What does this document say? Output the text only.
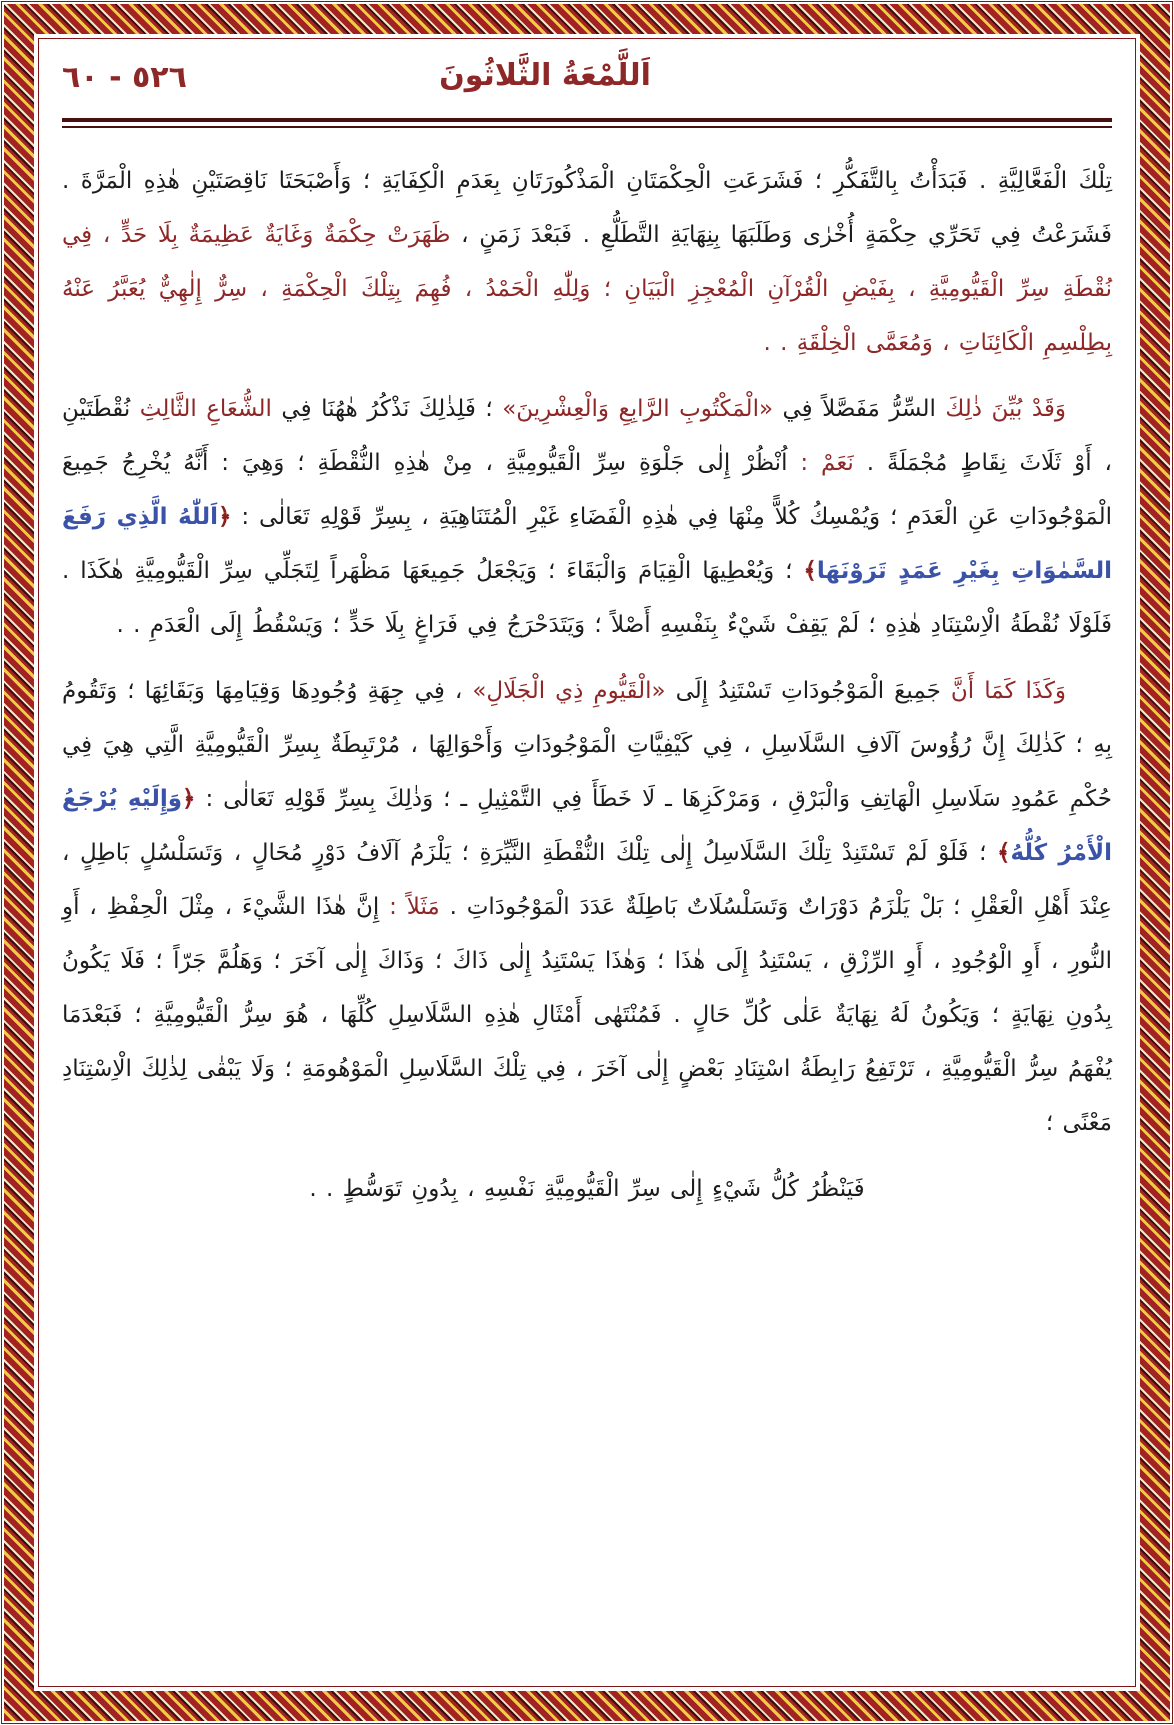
٥٢٦ - ٦٠	اَللَّمْعَةُ الثَّلاثُونَ

تِلْكَ الْفَعَّالِيَّةِ . فَبَدَأْتُ بِالتَّفَكُّرِ ؛ فَشَرَعَتِ الْحِكْمَتَانِ الْمَذْكُورَتَانِ بِعَدَمِ الْكِفَايَةِ ؛ وَأَصْبَحَتَا نَاقِصَتَيْنِ هٰذِهِ الْمَرَّةَ . فَشَرَعْتُ فِي تَحَرِّي حِكْمَةٍ أُخْرٰى وَطَلَبَهَا بِنِهَايَةِ التَّطَلُّعِ . فَبَعْدَ زَمَنٍ ، ظَهَرَتْ حِكْمَةٌ وَغَايَةٌ عَظِيمَةٌ بِلَا حَدٍّ ، فِي نُقْطَةِ سِرِّ الْقَيُّومِيَّةِ ، بِفَيْضِ الْقُرْآنِ الْمُعْجِزِ الْبَيَانِ ؛ وَلِلّٰهِ الْحَمْدُ ، فُهِمَ بِتِلْكَ الْحِكْمَةِ ، سِرٌّ إِلٰهِيٌّ يُعَبَّرُ عَنْهُ بِطِلْسِمِ الْكَائِنَاتِ ، وَمُعَمَّى الْخِلْقَةِ . .

وَقَدْ بُيِّنَ ذٰلِكَ السِّرُّ مَفَصَّلاً فِي «الْمَكْتُوبِ الرَّابِعِ وَالْعِشْرِينَ» ؛ فَلِذٰلِكَ نَذْكُرُ هٰهُنَا فِي الشُّعَاعِ الثَّالِثِ نُقْطَتَيْنِ ، أَوْ ثَلَاثَ نِقَاطٍ مُجْمَلَةً . نَعَمْ : اُنْظُرْ إِلٰى جَلْوَةِ سِرِّ الْقَيُّومِيَّةِ ، مِنْ هٰذِهِ النُّقْطَةِ ؛ وَهِيَ : أَنَّهُ يُخْرِجُ جَمِيعَ الْمَوْجُودَاتِ عَنِ الْعَدَمِ ؛ وَيُمْسِكُ كُلاًّ مِنْهَا فِي هٰذِهِ الْفَضَاءِ غَيْرِ الْمُتَنَاهِيَةِ ، بِسِرِّ قَوْلِهِ تَعَالٰى : ﴿اَللّٰهُ الَّذِي رَفَعَ السَّمٰوَاتِ بِغَيْرِ عَمَدٍ تَرَوْنَهَا﴾ ؛ وَيُعْطِيهَا الْقِيَامَ وَالْبَقَاءَ ؛ وَيَجْعَلُ جَمِيعَهَا مَظْهَراً لِتَجَلِّي سِرِّ الْقَيُّومِيَّةِ هٰكَذَا . فَلَوْلَا نُقْطَةُ الْاِسْتِنَادِ هٰذِهِ ؛ لَمْ يَقِفْ شَيْءٌ بِنَفْسِهِ أَصْلاً ؛ وَيَتَدَحْرَجُ فِي فَرَاغٍ بِلَا حَدٍّ ؛ وَيَسْقُطُ إِلَى الْعَدَمِ . .

وَكَذَا كَمَا أَنَّ جَمِيعَ الْمَوْجُودَاتِ تَسْتَنِدُ إِلَى «الْقَيُّومِ ذِي الْجَلَالِ» ، فِي جِهَةِ وُجُودِهَا وَقِيَامِهَا وَبَقَائِهَا ؛ وَتَقُومُ بِهِ ؛ كَذٰلِكَ إِنَّ رُؤُوسَ آلَافِ السَّلَاسِلِ ، فِي كَيْفِيَّاتِ الْمَوْجُودَاتِ وَأَحْوَالِهَا ، مُرْتَبِطَةٌ بِسِرِّ الْقَيُّومِيَّةِ الَّتِي هِيَ فِي حُكْمِ عَمُودِ سَلَاسِلِ الْهَاتِفِ وَالْبَرْقِ ، وَمَرْكَزِهَا ـ لَا خَطَأَ فِي التَّمْثِيلِ ـ ؛ وَذٰلِكَ بِسِرِّ قَوْلِهِ تَعَالٰى : ﴿وَإِلَيْهِ يُرْجَعُ الْأَمْرُ كُلُّهُ﴾ ؛ فَلَوْ لَمْ تَسْتَنِدْ تِلْكَ السَّلَاسِلُ إِلٰى تِلْكَ النُّقْطَةِ النَّيِّرَةِ ؛ يَلْزَمُ آلَافُ دَوْرٍ مُحَالٍ ، وَتَسَلْسُلٍ بَاطِلٍ ، عِنْدَ أَهْلِ الْعَقْلِ ؛ بَلْ يَلْزَمُ دَوْرَاتٌ وَتَسَلْسُلَاتٌ بَاطِلَةٌ عَدَدَ الْمَوْجُودَاتِ . مَثَلاً : إِنَّ هٰذَا الشَّيْءَ ، مِثْلَ الْحِفْظِ ، أَوِ النُّورِ ، أَوِ الْوُجُودِ ، أَوِ الرِّزْقِ ، يَسْتَنِدُ إِلَى هٰذَا ؛ وَهٰذَا يَسْتَنِدُ إِلٰى ذَاكَ ؛ وَذَاكَ إِلٰى آخَرَ ؛ وَهَلُمَّ جَرّاً ؛ فَلَا يَكُونُ بِدُونِ نِهَايَةٍ ؛ وَيَكُونُ لَهُ نِهَايَةٌ عَلٰى كُلِّ حَالٍ . فَمُنْتَهٰى أَمْثَالِ هٰذِهِ السَّلَاسِلِ كُلِّهَا ، هُوَ سِرُّ الْقَيُّومِيَّةِ ؛ فَبَعْدَمَا يُفْهَمُ سِرُّ الْقَيُّومِيَّةِ ، تَرْتَفِعُ رَابِطَةُ اسْتِنَادِ بَعْضٍ إِلٰى آخَرَ ، فِي تِلْكَ السَّلَاسِلِ الْمَوْهُومَةِ ؛ وَلَا يَبْقٰى لِذٰلِكَ الْاِسْتِنَادِ مَعْنًى ؛

فَيَنْظُرُ كُلُّ شَيْءٍ إِلٰى سِرِّ الْقَيُّومِيَّةِ نَفْسِهِ ، بِدُونِ تَوَسُّطٍ . .
